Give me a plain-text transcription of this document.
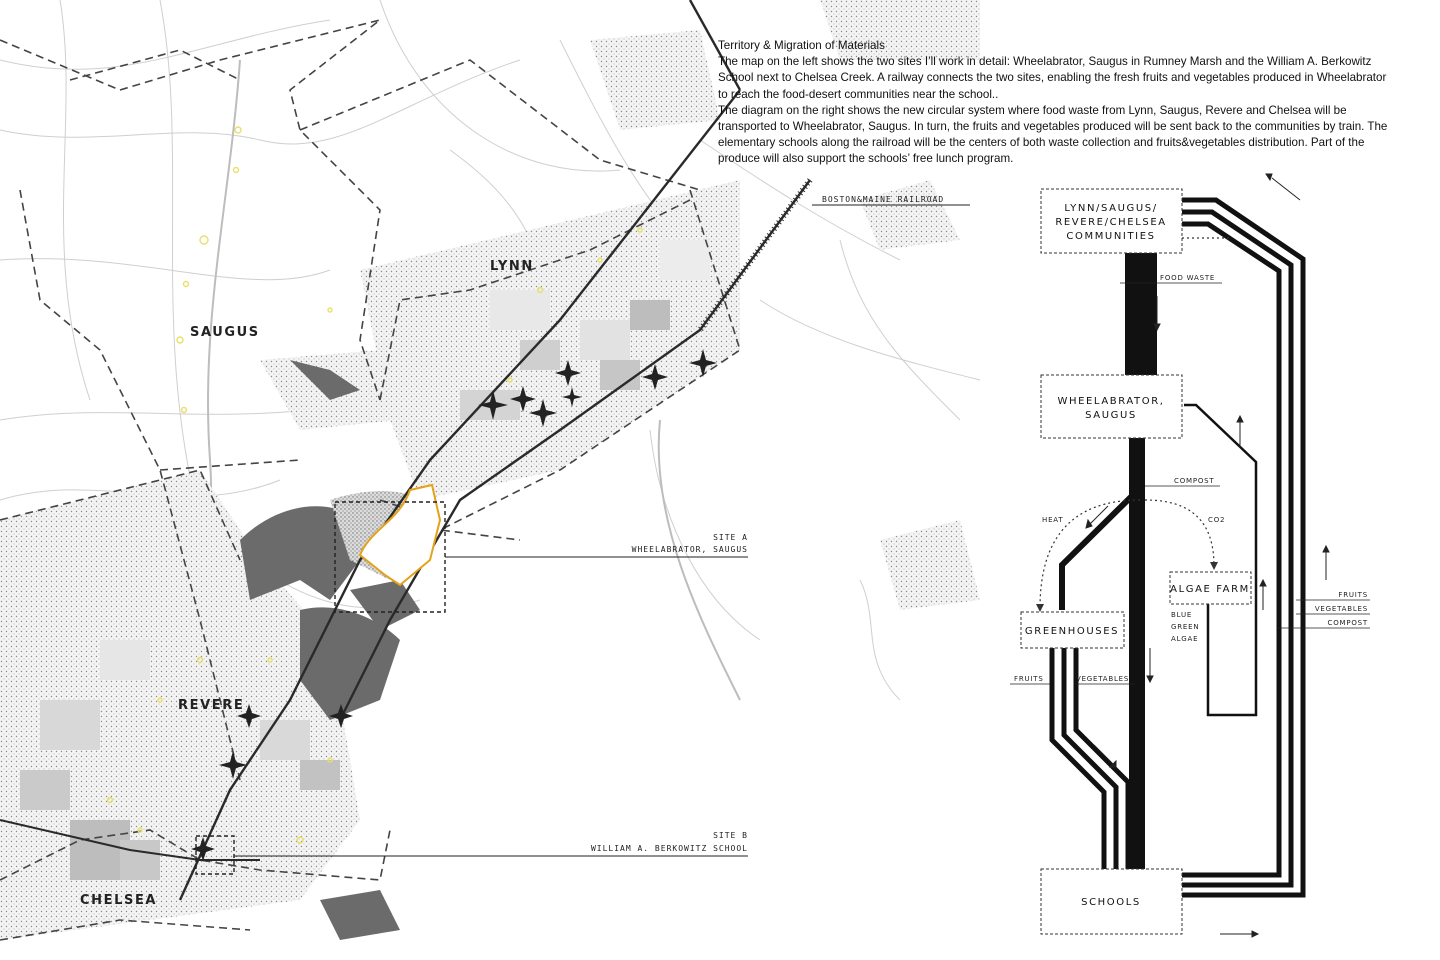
SITE A
WHEELABRATOR, SAUGUS
SITE B
WILLIAM A. BERKOWITZ SCHOOL
BOSTON&MAINE RAILROAD
LYNN
SAUGUS
REVERE
CHELSEA
LYNN/SAUGUS/
REVERE/CHELSEA
COMMUNITIES
WHEELABRATOR,
SAUGUS
GREENHOUSES
ALGAE FARM
SCHOOLS
FOOD WASTE
COMPOST
HEAT	CO2
BLUE
GREEN
ALGAE
FRUITS	VEGETABLES
FRUITS
VEGETABLES
COMPOST

Territory & Migration of Materials

The map on the left shows the two sites I’ll work in detail: Wheelabrator, Saugus in Rumney Marsh and the William A. Berkowitz School next to Chelsea Creek. A railway connects the two sites, enabling the fresh fruits and vegetables produced in Wheelabrator to reach the food-desert communities near the school..

The diagram on the right shows the new circular system where food waste from Lynn, Saugus, Revere and Chelsea will be transported to Wheelabrator, Saugus. In turn, the fruits and vegetables produced will be sent back to the communities by train. The elementary schools along the railroad will be the centers of both waste collection and fruits&vegetables distribution. Part of the produce will also support the schools’ free lunch program.
